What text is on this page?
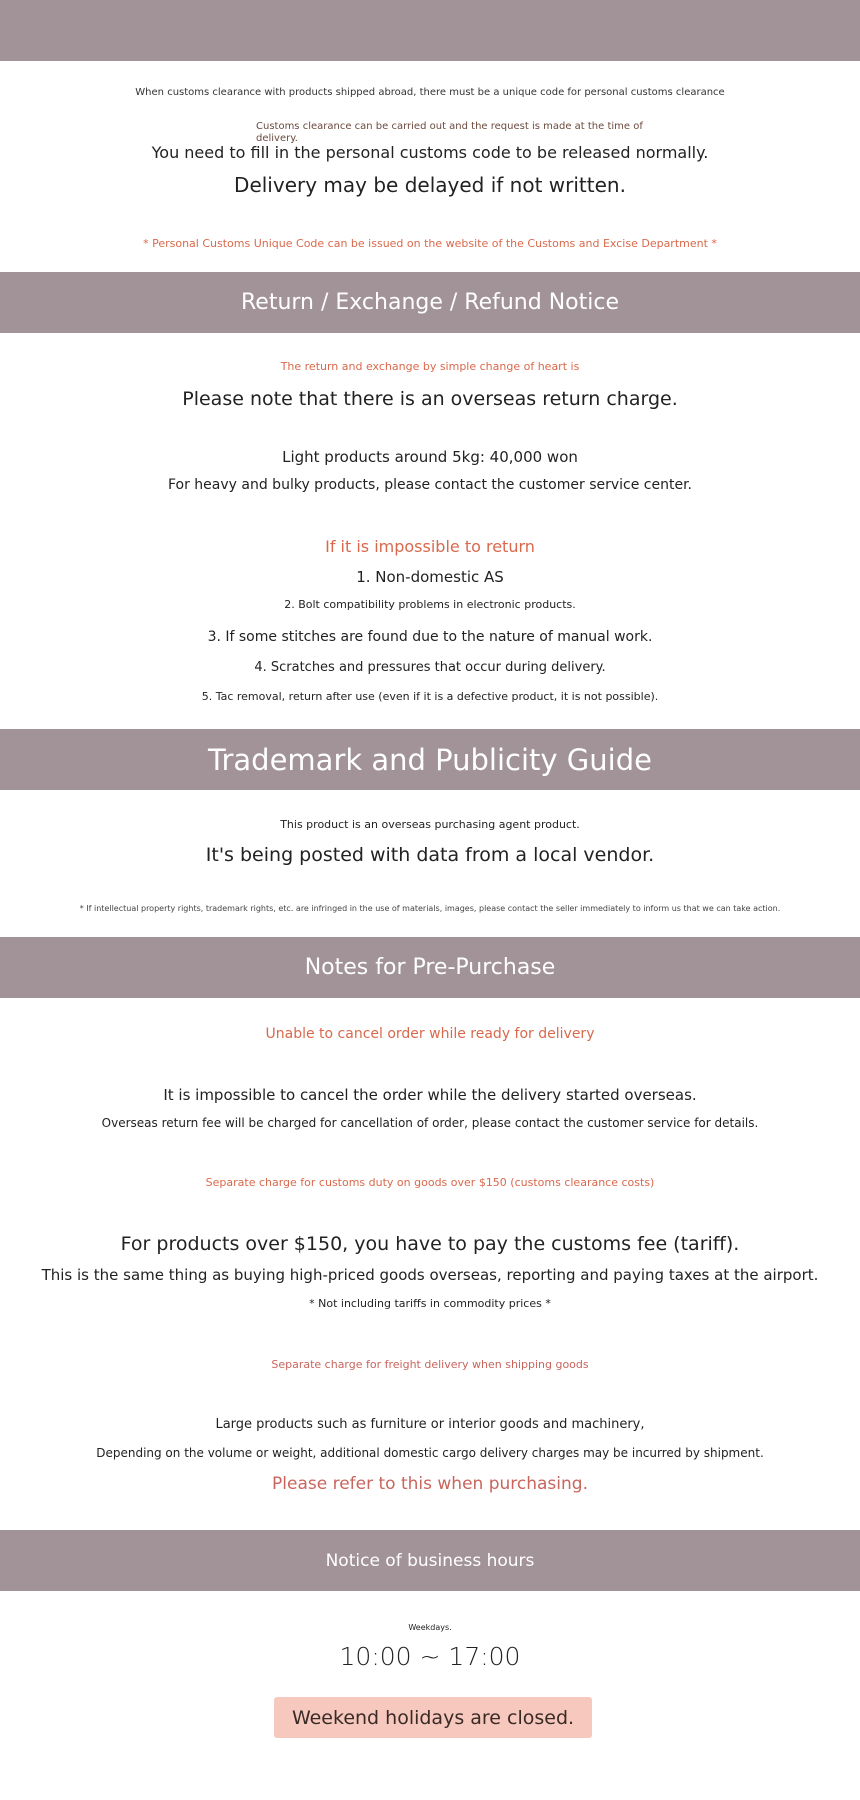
When customs clearance with products shipped abroad, there must be a unique code for personal customs clearance

Customs clearance can be carried out and the request is made at the time of delivery.

You need to fill in the personal customs code to be released normally.

Delivery may be delayed if not written.

* Personal Customs Unique Code can be issued on the website of the Customs and Excise Department *

Return / Exchange / Refund Notice

The return and exchange by simple change of heart is

Please note that there is an overseas return charge.

Light products around 5kg: 40,000 won

For heavy and bulky products, please contact the customer service center.

If it is impossible to return

1. Non-domestic AS

2. Bolt compatibility problems in electronic products.

3. If some stitches are found due to the nature of manual work.

4. Scratches and pressures that occur during delivery.

5. Tac removal, return after use (even if it is a defective product, it is not possible).

Trademark and Publicity Guide

This product is an overseas purchasing agent product.

It's being posted with data from a local vendor.

* If intellectual property rights, trademark rights, etc. are infringed in the use of materials, images, please contact the seller immediately to inform us that we can take action.

Notes for Pre-Purchase

Unable to cancel order while ready for delivery

It is impossible to cancel the order while the delivery started overseas.

Overseas return fee will be charged for cancellation of order, please contact the customer service for details.

Separate charge for customs duty on goods over $150 (customs clearance costs)

For products over $150, you have to pay the customs fee (tariff).

This is the same thing as buying high-priced goods overseas, reporting and paying taxes at the airport.

* Not including tariffs in commodity prices *

Separate charge for freight delivery when shipping goods

Large products such as furniture or interior goods and machinery,

Depending on the volume or weight, additional domestic cargo delivery charges may be incurred by shipment.

Please refer to this when purchasing.

Notice of business hours

Weekdays.

10:00 ~ 17:00

Weekend holidays are closed.
